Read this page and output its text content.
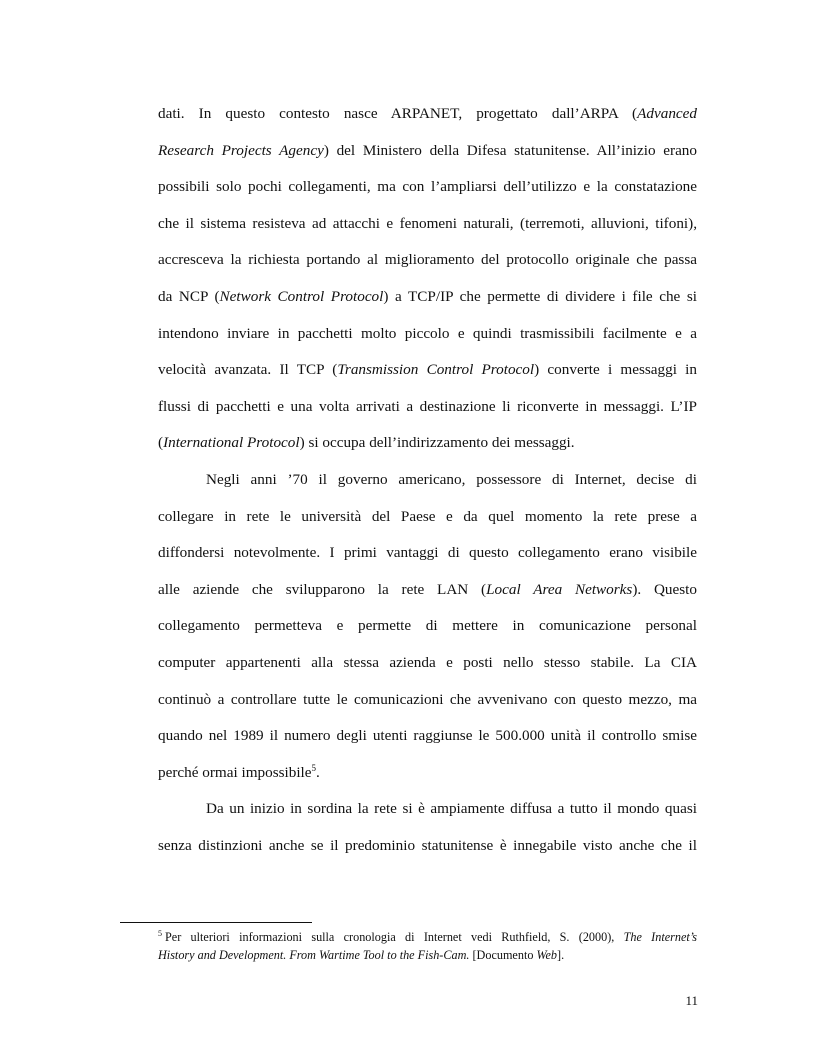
dati. In questo contesto nasce ARPANET, progettato dall’ARPA (Advanced
Research Projects Agency) del Ministero della Difesa statunitense. All’inizio erano
possibili solo pochi collegamenti, ma con l’ampliarsi dell’utilizzo e la constatazione
che il sistema resisteva ad attacchi e fenomeni naturali, (terremoti, alluvioni, tifoni),
accresceva la richiesta portando al miglioramento del protocollo originale che passa
da NCP (Network Control Protocol) a TCP/IP che permette di dividere i file che si
intendono inviare in pacchetti molto piccolo e quindi trasmissibili facilmente e a
velocità avanzata. Il TCP (Transmission Control Protocol) converte i messaggi in
flussi di pacchetti e una volta arrivati a destinazione li riconverte in messaggi. L’IP
(International Protocol) si occupa dell’indirizzamento dei messaggi.
Negli anni ’70 il governo americano, possessore di Internet, decise di
collegare in rete le università del Paese e da quel momento la rete prese a
diffondersi notevolmente. I primi vantaggi di questo collegamento erano visibile
alle aziende che svilupparono la rete LAN (Local Area Networks). Questo
collegamento permetteva e permette di mettere in comunicazione personal
computer appartenenti alla stessa azienda e posti nello stesso stabile. La CIA
continuò a controllare tutte le comunicazioni che avvenivano con questo mezzo, ma
quando nel 1989 il numero degli utenti raggiunse le 500.000 unità il controllo smise
perché ormai impossibile$^5$.
Da un inizio in sordina la rete si è ampiamente diffusa a tutto il mondo quasi
senza distinzioni anche se il predominio statunitense è innegabile visto anche che il
$^5$ Per ulteriori informazioni sulla cronologia di Internet vedi Ruthfield, S. (2000), The Internet’s
History and Development. From Wartime Tool to the Fish-Cam. [Documento Web].
11
